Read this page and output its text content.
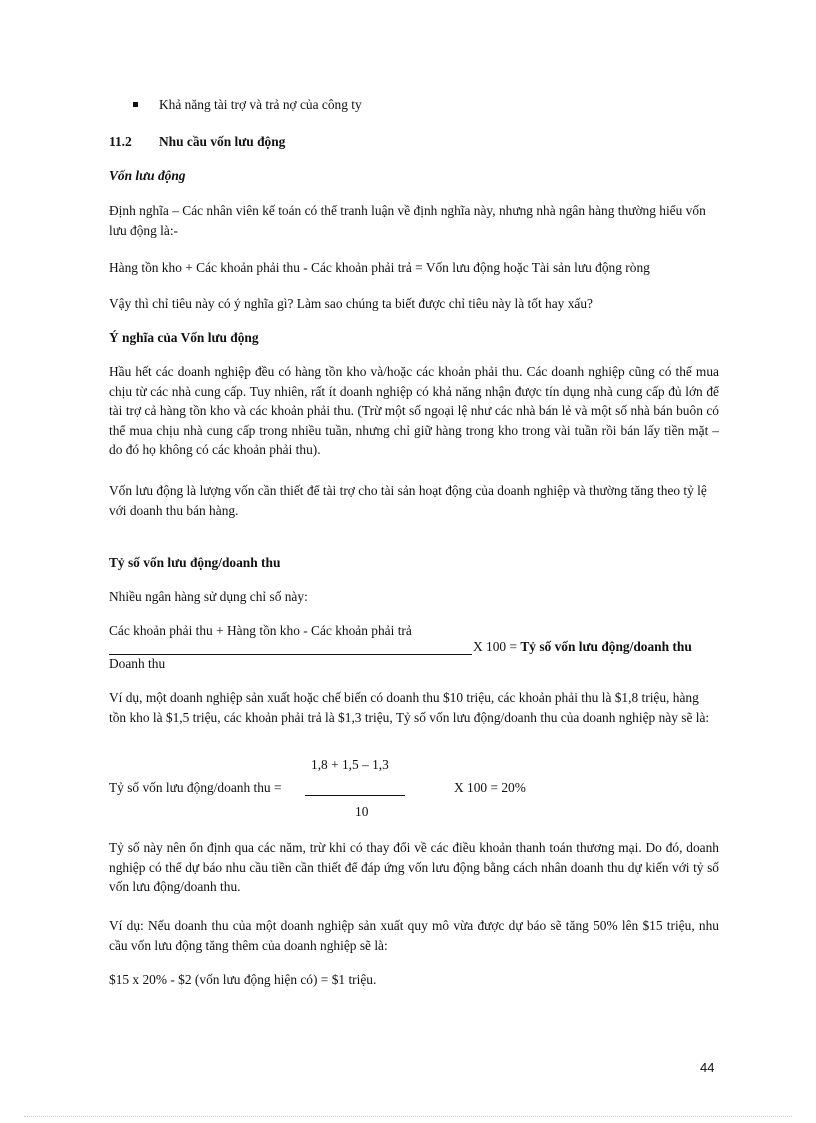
Khả năng tài trợ và trả nợ của công ty

11.2 Nhu cầu vốn lưu động

Vốn lưu động

Định nghĩa – Các nhân viên kế toán có thể tranh luận về định nghĩa này, nhưng nhà ngân hàng thường hiểu vốn lưu động là:-

Hàng tồn kho + Các khoản phải thu - Các khoản phải trả = Vốn lưu động hoặc Tài sản lưu động ròng

Vậy thì chỉ tiêu này có ý nghĩa gì? Làm sao chúng ta biết được chỉ tiêu này là tốt hay xấu?

Ý nghĩa của Vốn lưu động

Hầu hết các doanh nghiệp đều có hàng tồn kho và/hoặc các khoản phải thu. Các doanh nghiệp cũng có thể mua chịu từ các nhà cung cấp. Tuy nhiên, rất ít doanh nghiệp có khả năng nhận được tín dụng nhà cung cấp đủ lớn để tài trợ cả hàng tồn kho và các khoản phải thu. (Trừ một số ngoại lệ như các nhà bán lẻ và một số nhà bán buôn có thể mua chịu nhà cung cấp trong nhiều tuần, nhưng chỉ giữ hàng trong kho trong vài tuần rồi bán lấy tiền mặt – do đó họ không có các khoản phải thu).

Vốn lưu động là lượng vốn cần thiết để tài trợ cho tài sản hoạt động của doanh nghiệp và thường tăng theo tỷ lệ với doanh thu bán hàng.

Tỷ số vốn lưu động/doanh thu

Nhiều ngân hàng sử dụng chỉ số này:

Các khoản phải thu + Hàng tồn kho - Các khoản phải trả

X 100 = Tỷ số vốn lưu động/doanh thu

Doanh thu

Ví dụ, một doanh nghiệp sản xuất hoặc chế biến có doanh thu $10 triệu, các khoản phải thu là $1,8 triệu, hàng tồn kho là $1,5 triệu, các khoản phải trả là $1,3 triệu, Tỷ số vốn lưu động/doanh thu của doanh nghiệp này sẽ là:

1,8 + 1,5 – 1,3

Tỷ số vốn lưu động/doanh thu =	X 100 = 20%

10

Tỷ số này nên ổn định qua các năm, trừ khi có thay đổi về các điều khoản thanh toán thương mại. Do đó, doanh nghiệp có thể dự báo nhu cầu tiền cần thiết để đáp ứng vốn lưu động bằng cách nhân doanh thu dự kiến với tỷ số vốn lưu động/doanh thu.

Ví dụ: Nếu doanh thu của một doanh nghiệp sản xuất quy mô vừa được dự báo sẽ tăng 50% lên $15 triệu, nhu cầu vốn lưu động tăng thêm của doanh nghiệp sẽ là:

$15 x 20% - $2 (vốn lưu động hiện có) = $1 triệu.

44
